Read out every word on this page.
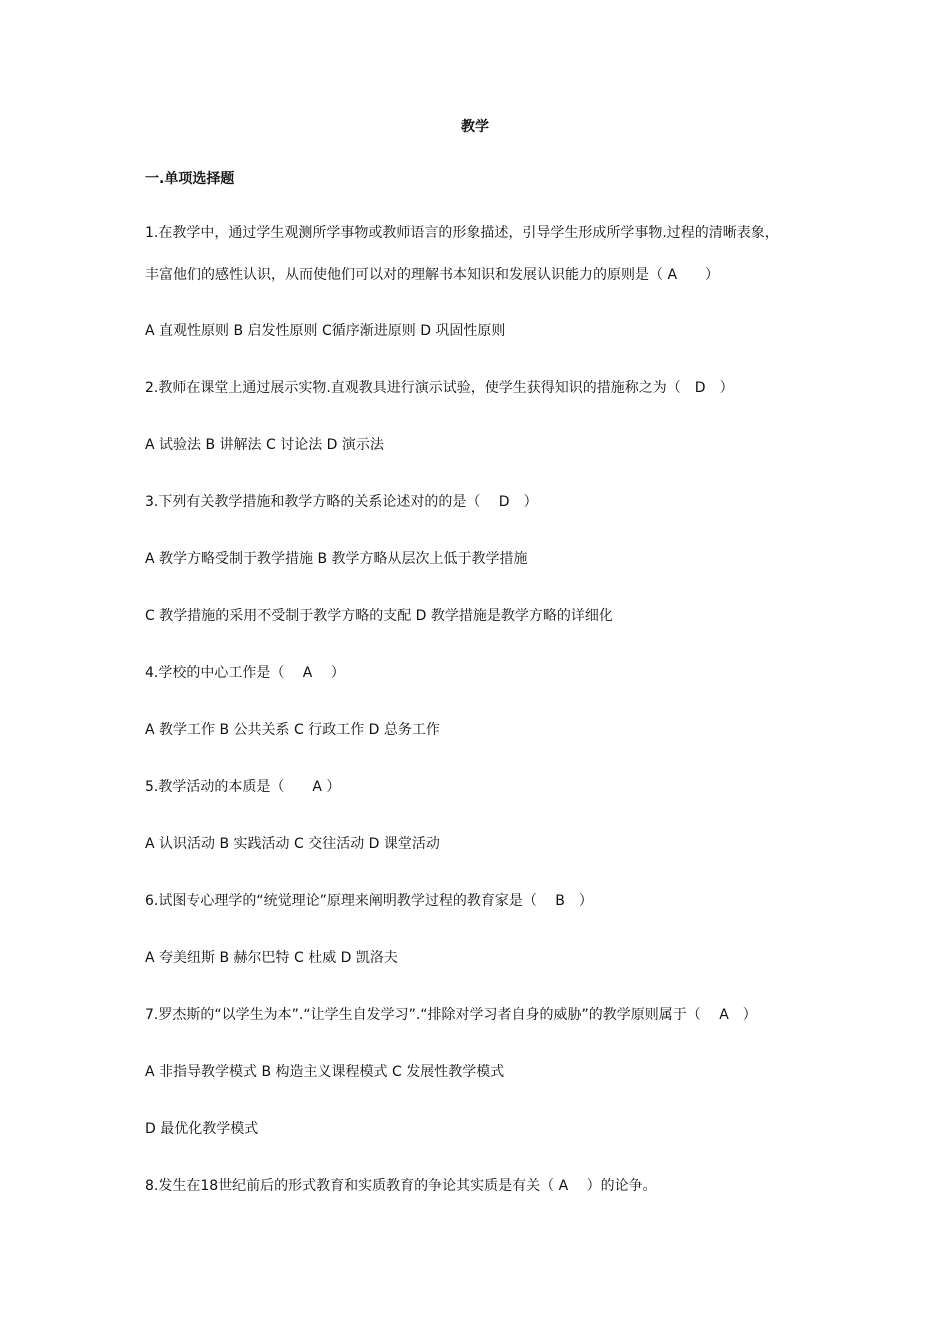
教学
一.单项选择题
1.在教学中，通过学生观测所学事物或教师语言的形象描述，引导学生形成所学事物.过程的清晰表象，
丰富他们的感性认识，从而使他们可以对的理解书本知识和发展认识能力的原则是（ A　　）
A 直观性原则 B 启发性原则 C循序渐进原则 D 巩固性原则
2.教师在课堂上通过展示实物.直观教具进行演示试验，使学生获得知识的措施称之为（　D　）
A 试验法 B 讲解法 C 讨论法 D 演示法
3.下列有关教学措施和教学方略的关系论述对的的是（　 D　）
A 教学方略受制于教学措施 B 教学方略从层次上低于教学措施
C 教学措施的采用不受制于教学方略的支配 D 教学措施是教学方略的详细化
4.学校的中心工作是（　 A　 ）
A 教学工作 B 公共关系 C 行政工作 D 总务工作
5.教学活动的本质是（　　A ）
A 认识活动 B 实践活动 C 交往活动 D 课堂活动
6.试图专心理学的“统觉理论”原理来阐明教学过程的教育家是（　 B　）
A 夸美纽斯 B 赫尔巴特 C 杜威 D 凯洛夫
7.罗杰斯的“以学生为本”.“让学生自发学习”.“排除对学习者自身的威胁”的教学原则属于（　 A　）
A 非指导教学模式 B 构造主义课程模式 C 发展性教学模式
D 最优化教学模式
8.发生在18世纪前后的形式教育和实质教育的争论其实质是有关（ A　 ）的论争。
